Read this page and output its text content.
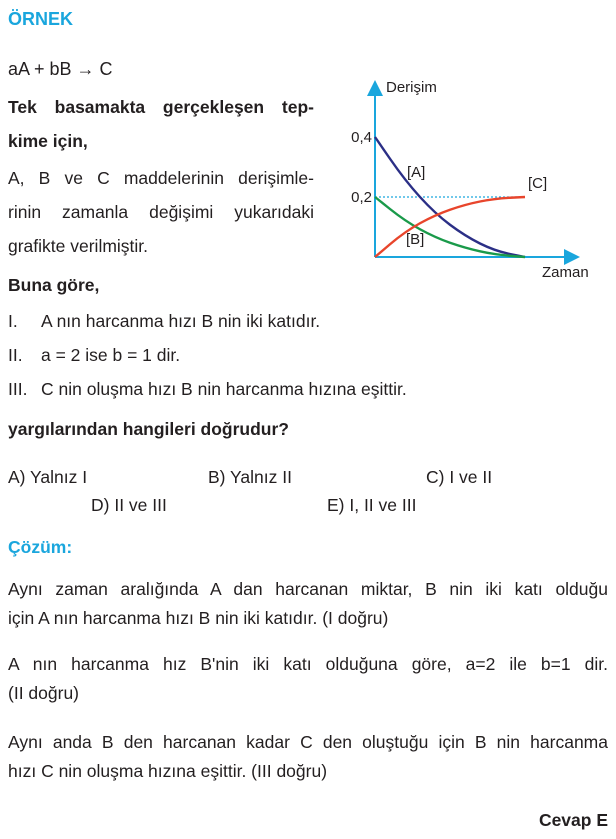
ÖRNEK
aA + bB → C
Tek basamakta gerçekleşen tep-
kime için,
A, B ve C maddelerinin derişimle-
rinin zamanla değişimi yukarıdaki
grafikte verilmiştir.
Buna göre,
I. A nın harcanma hızı B nin iki katıdır.
II. a = 2 ise b = 1 dir.
III. C nin oluşma hızı B nin harcanma hızına eşittir.
yargılarından hangileri doğrudur?
A) Yalnız I	B) Yalnız II	C) I ve II
D) II ve III	E) I, II ve III
Çözüm:
Aynı zaman aralığında A dan harcanan miktar, B nin iki katı olduğu
için A nın harcanma hızı B nin iki katıdır. (I doğru)
A nın harcanma hız B'nin iki katı olduğuna göre, a=2 ile b=1 dir.
(II doğru)
Aynı anda B den harcanan kadar C den oluştuğu için B nin harcanma
hızı C nin oluşma hızına eşittir. (III doğru)
Cevap E
Derişim
Zaman
0,4
0,2
[A]
[B]
[C]
